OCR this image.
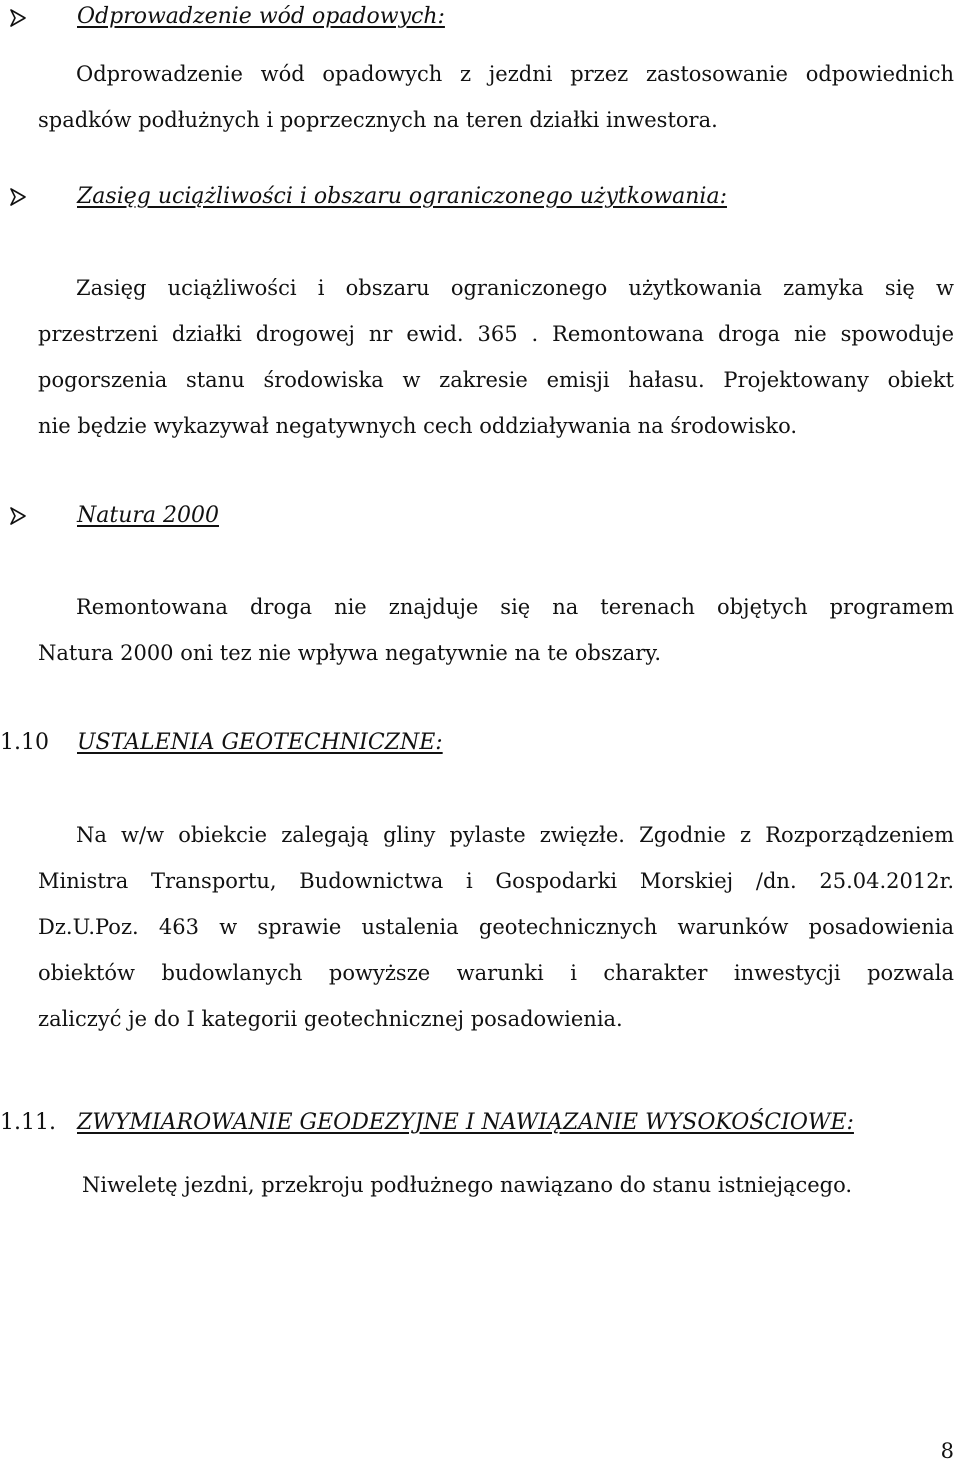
Odprowadzenie wód opadowych:
Odprowadzenie wód opadowych z jezdni przez zastosowanie odpowiednich
spadków podłużnych i poprzecznych na teren działki inwestora.
Zasięg uciążliwości i obszaru ograniczonego użytkowania:
Zasięg uciążliwości i obszaru ograniczonego użytkowania zamyka się w
przestrzeni działki drogowej nr ewid. 365 . Remontowana droga nie spowoduje
pogorszenia stanu środowiska w zakresie emisji hałasu. Projektowany obiekt
nie będzie wykazywał negatywnych cech oddziaływania na środowisko.
Natura 2000
Remontowana droga nie znajduje się na terenach objętych programem
Natura 2000 oni tez nie wpływa negatywnie na te obszary.
1.10 USTALENIA GEOTECHNICZNE:
Na w/w obiekcie zalegają gliny pylaste zwięzłe. Zgodnie z Rozporządzeniem
Ministra Transportu, Budownictwa i Gospodarki Morskiej /dn. 25.04.2012r.
Dz.U.Poz. 463 w sprawie ustalenia geotechnicznych warunków posadowienia
obiektów budowlanych powyższe warunki i charakter inwestycji pozwala
zaliczyć je do I kategorii geotechnicznej posadowienia.
1.11. ZWYMIAROWANIE GEODEZYJNE I NAWIĄZANIE WYSOKOŚCIOWE:
Niweletę jezdni, przekroju podłużnego nawiązano do stanu istniejącego.
8
